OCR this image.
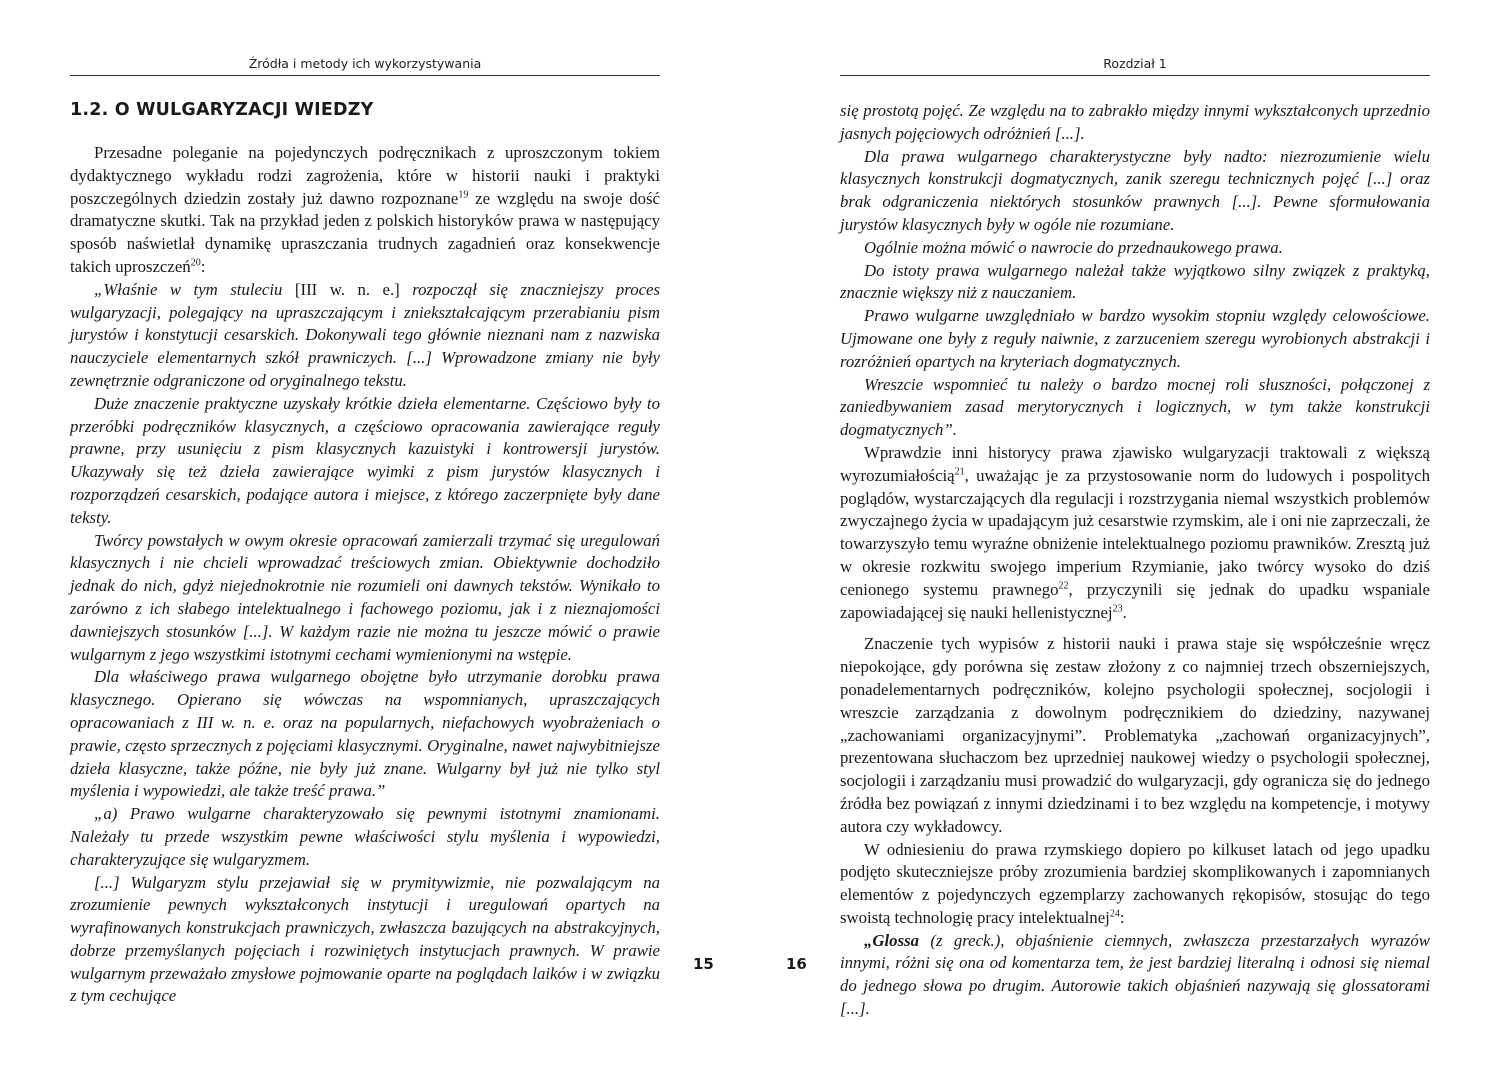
Źródła i metody ich wykorzystywania
1.2. O WULGARYZACJI WIEDZY

Przesadne poleganie na pojedynczych podręcznikach z uproszczonym tokiem dydaktycznego wykładu rodzi zagrożenia, które w historii nauki i praktyki poszczególnych dziedzin zostały już dawno rozpoznane$^{19}$ ze względu na swoje dość dramatyczne skutki. Tak na przykład jeden z polskich historyków prawa w następujący sposób naświetlał dynamikę upraszczania trudnych zagadnień oraz konsekwencje takich uproszczeń$^{20}$:

„Właśnie w tym stuleciu [III w. n. e.] rozpoczął się znaczniejszy proces wulgaryzacji, polegający na upraszczającym i zniekształcającym przerabianiu pism jurystów i konstytucji cesarskich. Dokonywali tego głównie nieznani nam z nazwiska nauczyciele elementarnych szkół prawniczych. [...] Wprowadzone zmiany nie były zewnętrznie odgraniczone od oryginalnego tekstu.

Duże znaczenie praktyczne uzyskały krótkie dzieła elementarne. Częściowo były to przeróbki podręczników klasycznych, a częściowo opracowania zawierające reguły prawne, przy usunięciu z pism klasycznych kazuistyki i kontrowersji jurystów. Ukazywały się też dzieła zawierające wyimki z pism jurystów klasycznych i rozporządzeń cesarskich, podające autora i miejsce, z którego zaczerpnięte były dane teksty.

Twórcy powstałych w owym okresie opracowań zamierzali trzymać się uregulowań klasycznych i nie chcieli wprowadzać treściowych zmian. Obiektywnie dochodziło jednak do nich, gdyż niejednokrotnie nie rozumieli oni dawnych tekstów. Wynikało to zarówno z ich słabego intelektualnego i fachowego poziomu, jak i z nieznajomości dawniejszych stosunków [...]. W każdym razie nie można tu jeszcze mówić o prawie wulgarnym z jego wszystkimi istotnymi cechami wymienionymi na wstępie.

Dla właściwego prawa wulgarnego obojętne było utrzymanie dorobku prawa klasycznego. Opierano się wówczas na wspomnianych, upraszczających opracowaniach z III w. n. e. oraz na popularnych, niefachowych wyobrażeniach o prawie, często sprzecznych z pojęciami klasycznymi. Oryginalne, nawet najwybitniejsze dzieła klasyczne, także późne, nie były już znane. Wulgarny był już nie tylko styl myślenia i wypowiedzi, ale także treść prawa.”

„a) Prawo wulgarne charakteryzowało się pewnymi istotnymi znamionami. Należały tu przede wszystkim pewne właściwości stylu myślenia i wypowiedzi, charakteryzujące się wulgaryzmem.

[...] Wulgaryzm stylu przejawiał się w prymitywizmie, nie pozwalającym na zrozumienie pewnych wykształconych instytucji i uregulowań opartych na wyrafinowanych konstrukcjach prawniczych, zwłaszcza bazujących na abstrakcyjnych, dobrze przemyślanych pojęciach i rozwiniętych instytucjach prawnych. W prawie wulgarnym przeważało zmysłowe pojmowanie oparte na poglądach laików i w związku z tym cechujące

15
Rozdział 1

się prostotą pojęć. Ze względu na to zabrakło między innymi wykształconych uprzednio jasnych pojęciowych odróżnień [...].

Dla prawa wulgarnego charakterystyczne były nadto: niezrozumienie wielu klasycznych konstrukcji dogmatycznych, zanik szeregu technicznych pojęć [...] oraz brak odgraniczenia niektórych stosunków prawnych [...]. Pewne sformułowania jurystów klasycznych były w ogóle nie rozumiane.

Ogólnie można mówić o nawrocie do przednaukowego prawa.

Do istoty prawa wulgarnego należał także wyjątkowo silny związek z praktyką, znacznie większy niż z nauczaniem.

Prawo wulgarne uwzględniało w bardzo wysokim stopniu względy celowościowe. Ujmowane one były z reguły naiwnie, z zarzuceniem szeregu wyrobionych abstrakcji i rozróżnień opartych na kryteriach dogmatycznych.

Wreszcie wspomnieć tu należy o bardzo mocnej roli słuszności, połączonej z zaniedbywaniem zasad merytorycznych i logicznych, w tym także konstrukcji dogmatycznych”.

Wprawdzie inni historycy prawa zjawisko wulgaryzacji traktowali z większą wyrozumiałością$^{21}$, uważając je za przystosowanie norm do ludowych i pospolitych poglądów, wystarczających dla regulacji i rozstrzygania niemal wszystkich problemów zwyczajnego życia w upadającym już cesarstwie rzymskim, ale i oni nie zaprzeczali, że towarzyszyło temu wyraźne obniżenie intelektualnego poziomu prawników. Zresztą już w okresie rozkwitu swojego imperium Rzymianie, jako twórcy wysoko do dziś cenionego systemu prawnego$^{22}$, przyczynili się jednak do upadku wspaniale zapowiadającej się nauki hellenistycznej$^{23}$.

Znaczenie tych wypisów z historii nauki i prawa staje się współcześnie wręcz niepokojące, gdy porówna się zestaw złożony z co najmniej trzech obszerniejszych, ponadelementarnych podręczników, kolejno psychologii społecznej, socjologii i wreszcie zarządzania z dowolnym podręcznikiem do dziedziny, nazywanej „zachowaniami organizacyjnymi”. Problematyka „zachowań organizacyjnych”, prezentowana słuchaczom bez uprzedniej naukowej wiedzy o psychologii społecznej, socjologii i zarządzaniu musi prowadzić do wulgaryzacji, gdy ogranicza się do jednego źródła bez powiązań z innymi dziedzinami i to bez względu na kompetencje, i motywy autora czy wykładowcy.

W odniesieniu do prawa rzymskiego dopiero po kilkuset latach od jego upadku podjęto skuteczniejsze próby zrozumienia bardziej skomplikowanych i zapomnianych elementów z pojedynczych egzemplarzy zachowanych rękopisów, stosując do tego swoistą technologię pracy intelektualnej$^{24}$:

„Glossa (z greck.), objaśnienie ciemnych, zwłaszcza przestarzałych wyrazów innymi, różni się ona od komentarza tem, że jest bardziej literalną i odnosi się niemal do jednego słowa po drugim. Autorowie takich objaśnień nazywają się glossatorami [...].

16
